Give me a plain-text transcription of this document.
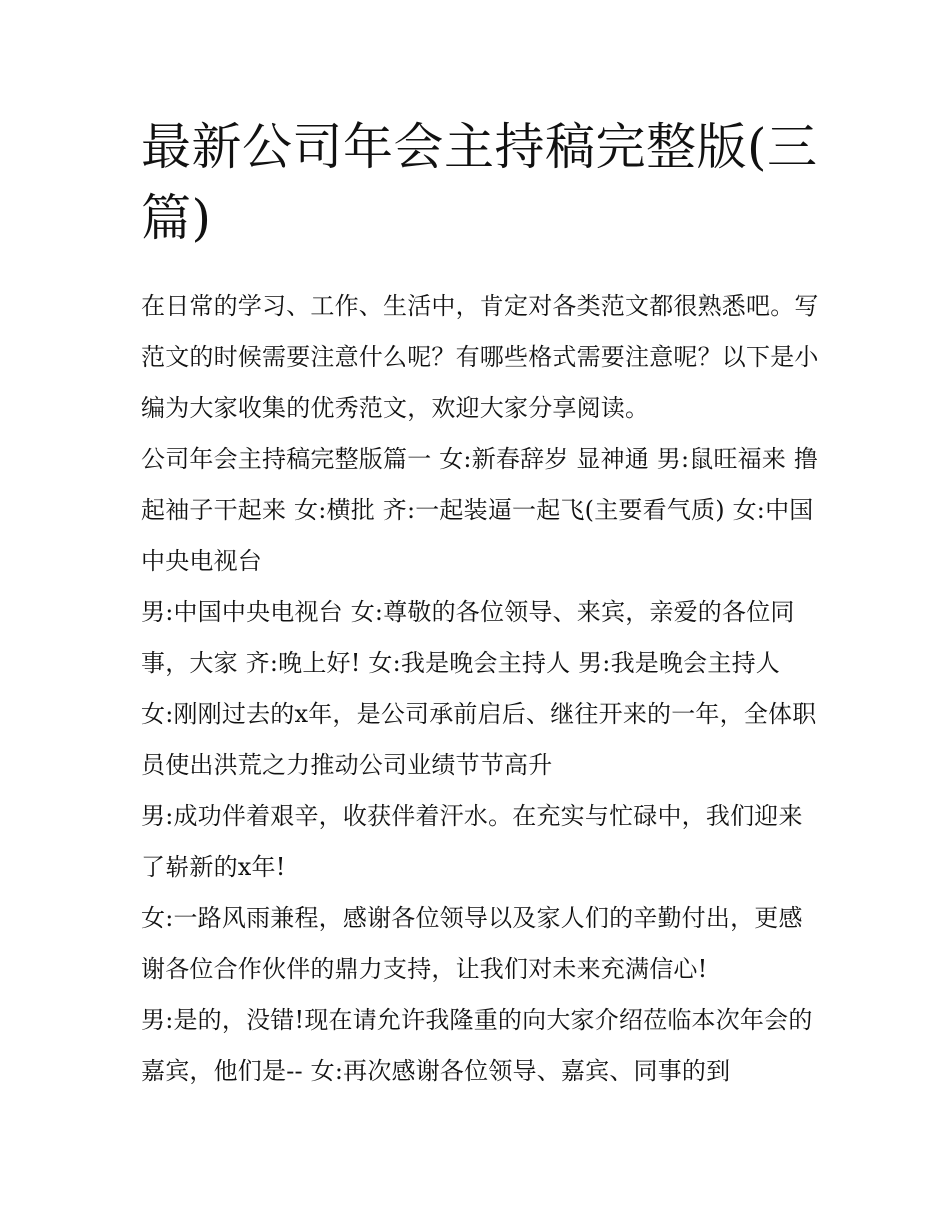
最新公司年会主持稿完整版(三篇)

在日常的学习、工作、生活中，肯定对各类范文都很熟悉吧。写范文的时候需要注意什么呢？有哪些格式需要注意呢？以下是小编为大家收集的优秀范文，欢迎大家分享阅读。

公司年会主持稿完整版篇一 女:新春辞岁 显神通 男:鼠旺福来 撸起袖子干起来 女:横批 齐:一起装逼一起飞(主要看气质) 女:中国中央电视台

男:中国中央电视台 女:尊敬的各位领导、来宾，亲爱的各位同事，大家 齐:晚上好! 女:我是晚会主持人 男:我是晚会主持人

女:刚刚过去的x年，是公司承前启后、继往开来的一年，全体职员使出洪荒之力推动公司业绩节节高升

男:成功伴着艰辛，收获伴着汗水。在充实与忙碌中，我们迎来了崭新的x年!

女:一路风雨兼程，感谢各位领导以及家人们的辛勤付出，更感谢各位合作伙伴的鼎力支持，让我们对未来充满信心!

男:是的，没错!现在请允许我隆重的向大家介绍莅临本次年会的嘉宾，他们是-- 女:再次感谢各位领导、嘉宾、同事的到
